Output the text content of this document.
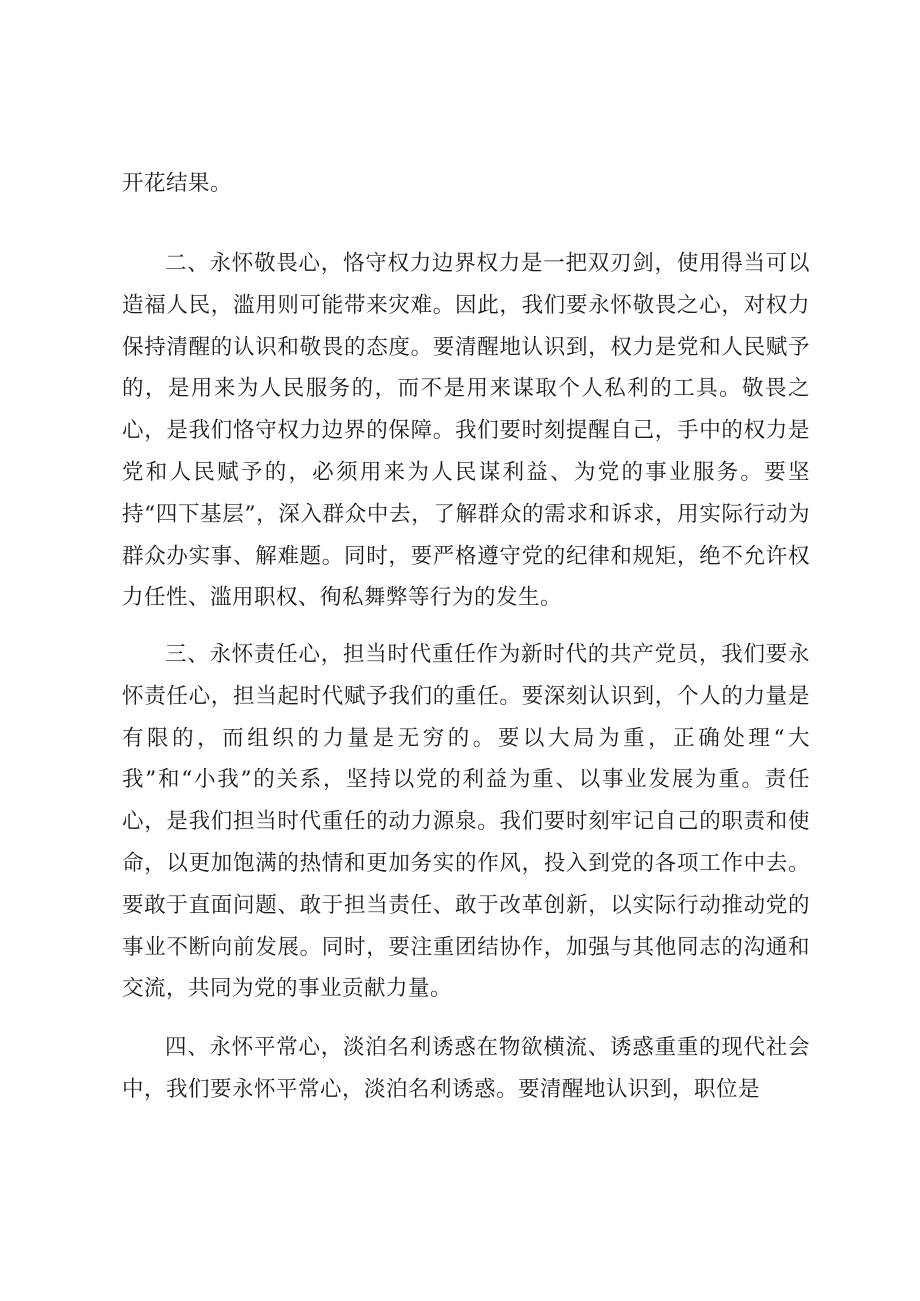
开花结果。

二、永怀敬畏心，恪守权力边界权力是一把双刃剑，使用得当可以造福人民，滥用则可能带来灾难。因此，我们要永怀敬畏之心，对权力保持清醒的认识和敬畏的态度。要清醒地认识到，权力是党和人民赋予的，是用来为人民服务的，而不是用来谋取个人私利的工具。敬畏之心，是我们恪守权力边界的保障。我们要时刻提醒自己，手中的权力是党和人民赋予的，必须用来为人民谋利益、为党的事业服务。要坚持“四下基层”，深入群众中去，了解群众的需求和诉求，用实际行动为群众办实事、解难题。同时，要严格遵守党的纪律和规矩，绝不允许权力任性、滥用职权、徇私舞弊等行为的发生。

三、永怀责任心，担当时代重任作为新时代的共产党员，我们要永怀责任心，担当起时代赋予我们的重任。要深刻认识到，个人的力量是有限的，而组织的力量是无穷的。要以大局为重，正确处理“大我”和“小我”的关系，坚持以党的利益为重、以事业发展为重。责任心，是我们担当时代重任的动力源泉。我们要时刻牢记自己的职责和使命，以更加饱满的热情和更加务实的作风，投入到党的各项工作中去。要敢于直面问题、敢于担当责任、敢于改革创新，以实际行动推动党的事业不断向前发展。同时，要注重团结协作，加强与其他同志的沟通和交流，共同为党的事业贡献力量。

四、永怀平常心，淡泊名利诱惑在物欲横流、诱惑重重的现代社会中，我们要永怀平常心，淡泊名利诱惑。要清醒地认识到，职位是
